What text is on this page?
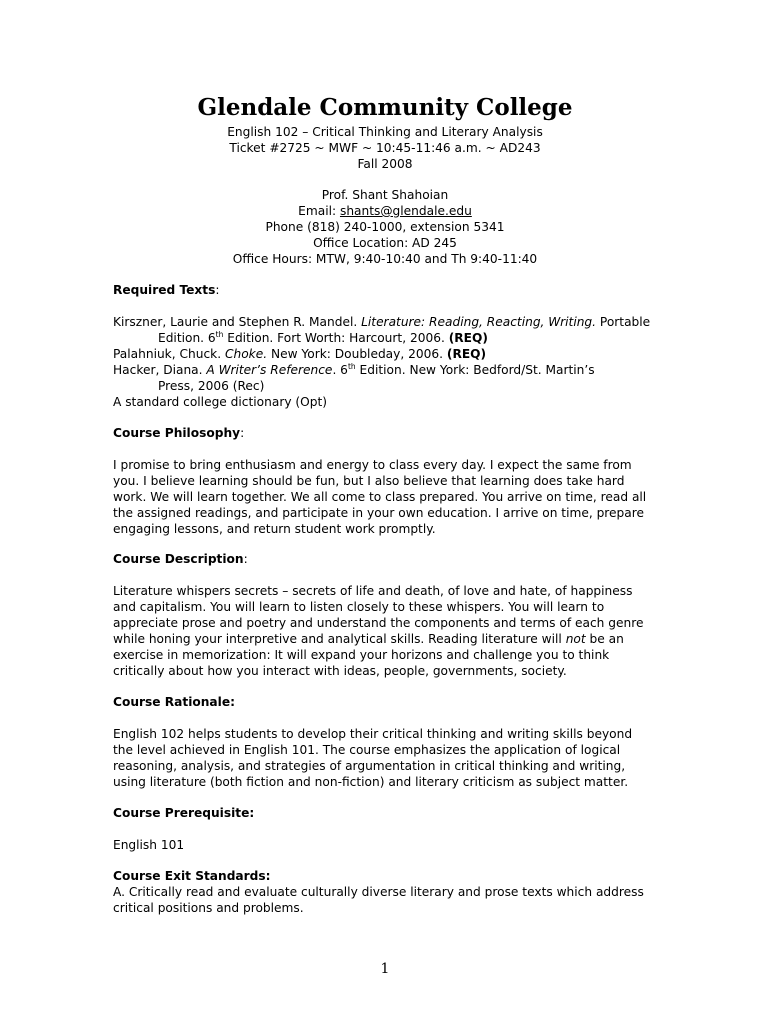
Glendale Community College
English 102 – Critical Thinking and Literary Analysis
Ticket #2725 ~ MWF ~ 10:45-11:46 a.m. ~ AD243
Fall 2008
Prof. Shant Shahoian
Email: shants@glendale.edu
Phone (818) 240-1000, extension 5341
Office Location: AD 245
Office Hours: MTW, 9:40-10:40 and Th 9:40-11:40
Required Texts:

Kirszner, Laurie and Stephen R. Mandel. Literature: Reading, Reacting, Writing. Portable Edition. 6th Edition. Fort Worth: Harcourt, 2006. (REQ)

Palahniuk, Chuck. Choke. New York: Doubleday, 2006. (REQ)

Hacker, Diana. A Writer’s Reference. 6th Edition. New York: Bedford/St. Martin’s Press, 2006 (Rec)

A standard college dictionary (Opt)

Course Philosophy:

I promise to bring enthusiasm and energy to class every day. I expect the same from you. I believe learning should be fun, but I also believe that learning does take hard work. We will learn together. We all come to class prepared. You arrive on time, read all the assigned readings, and participate in your own education. I arrive on time, prepare engaging lessons, and return student work promptly.

Course Description:

Literature whispers secrets – secrets of life and death, of love and hate, of happiness and capitalism. You will learn to listen closely to these whispers. You will learn to appreciate prose and poetry and understand the components and terms of each genre while honing your interpretive and analytical skills. Reading literature will not be an exercise in memorization: It will expand your horizons and challenge you to think critically about how you interact with ideas, people, governments, society.

Course Rationale:

English 102 helps students to develop their critical thinking and writing skills beyond the level achieved in English 101. The course emphasizes the application of logical reasoning, analysis, and strategies of argumentation in critical thinking and writing, using literature (both fiction and non-fiction) and literary criticism as subject matter.

Course Prerequisite:

English 101

Course Exit Standards:

A. Critically read and evaluate culturally diverse literary and prose texts which address critical positions and problems.

1
